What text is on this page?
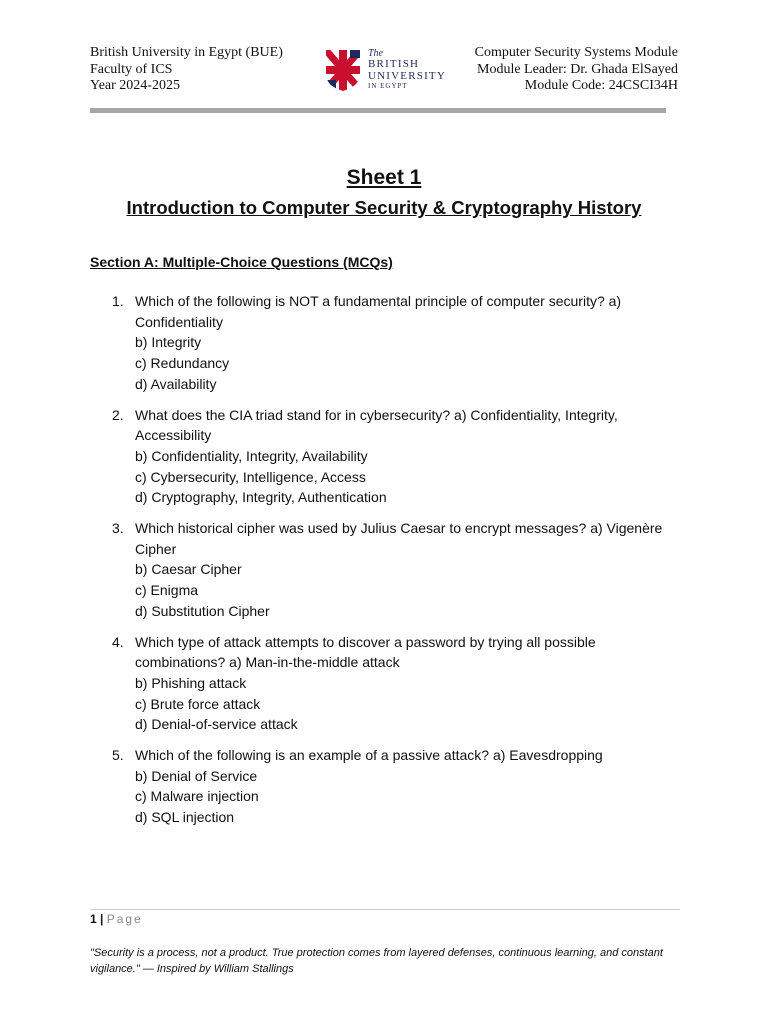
British University in Egypt (BUE)
Faculty of ICS
Year 2024-2025
The
BRITISH
UNIVERSITY
IN EGYPT
Computer Security Systems Module
Module Leader: Dr. Ghada ElSayed
Module Code: 24CSCI34H
Sheet 1
Introduction to Computer Security & Cryptography History
Section A: Multiple-Choice Questions (MCQs)
1. Which of the following is NOT a fundamental principle of computer security? a) Confidentiality
b) Integrity
c) Redundancy
d) Availability
2. What does the CIA triad stand for in cybersecurity? a) Confidentiality, Integrity, Accessibility
b) Confidentiality, Integrity, Availability
c) Cybersecurity, Intelligence, Access
d) Cryptography, Integrity, Authentication
3. Which historical cipher was used by Julius Caesar to encrypt messages? a) Vigenère Cipher
b) Caesar Cipher
c) Enigma
d) Substitution Cipher
4. Which type of attack attempts to discover a password by trying all possible combinations? a) Man-in-the-middle attack
b) Phishing attack
c) Brute force attack
d) Denial-of-service attack
5. Which of the following is an example of a passive attack? a) Eavesdropping
b) Denial of Service
c) Malware injection
d) SQL injection
1 | Page
"Security is a process, not a product. True protection comes from layered defenses, continuous learning, and constant vigilance." — Inspired by William Stallings
